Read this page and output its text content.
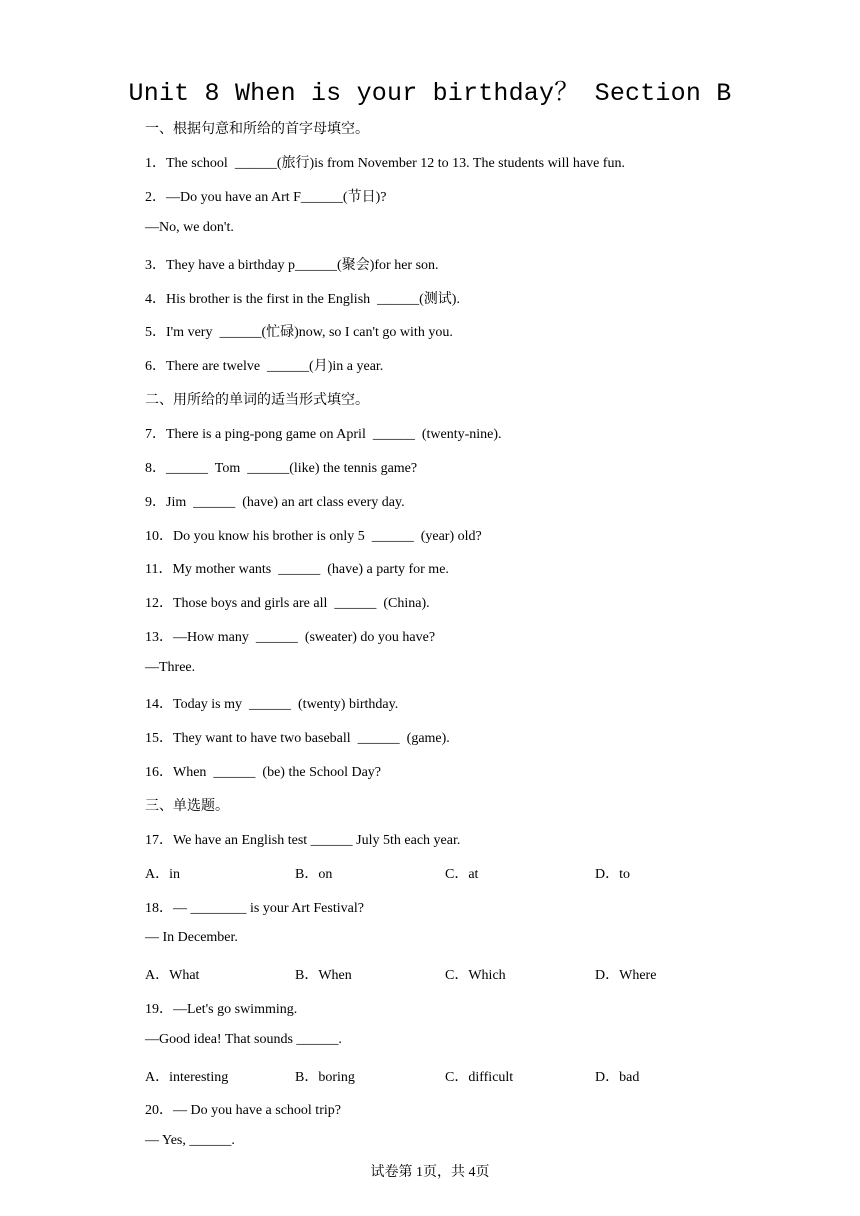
Unit 8 When is your birthday？ Section B
一、根据句意和所给的首字母填空。
1．The school  ______(旅行)is from November 12 to 13. The students will have fun.
2．—Do you have an Art F______(节日)?
—No, we don't.
3．They have a birthday p______(聚会)for her son.
4．His brother is the first in the English  ______(测试).
5．I'm very  ______(忙碌)now, so I can't go with you.
6．There are twelve  ______(月)in a year.
二、用所给的单词的适当形式填空。
7．There is a ping-pong game on April  ______  (twenty-nine).
8．______  Tom  ______(like) the tennis game?
9．Jim  ______  (have) an art class every day.
10．Do you know his brother is only 5  ______  (year) old?
11．My mother wants  ______  (have) a party for me.
12．Those boys and girls are all  ______  (China).
13．—How many  ______  (sweater) do you have?
—Three.
14．Today is my  ______  (twenty) birthday.
15．They want to have two baseball  ______  (game).
16．When  ______  (be) the School Day?
三、单选题。
17．We have an English test ______ July 5th each year.
A．in	B．on	C．at	D．to
18．— ________ is your Art Festival?
— In December.
A．What	B．When	C．Which	D．Where
19．—Let's go swimming.
—Good idea! That sounds ______.
A．interesting	B．boring	C．difficult	D．bad
20．— Do you have a school trip?
— Yes, ______.
试卷第 1页，共 4页
